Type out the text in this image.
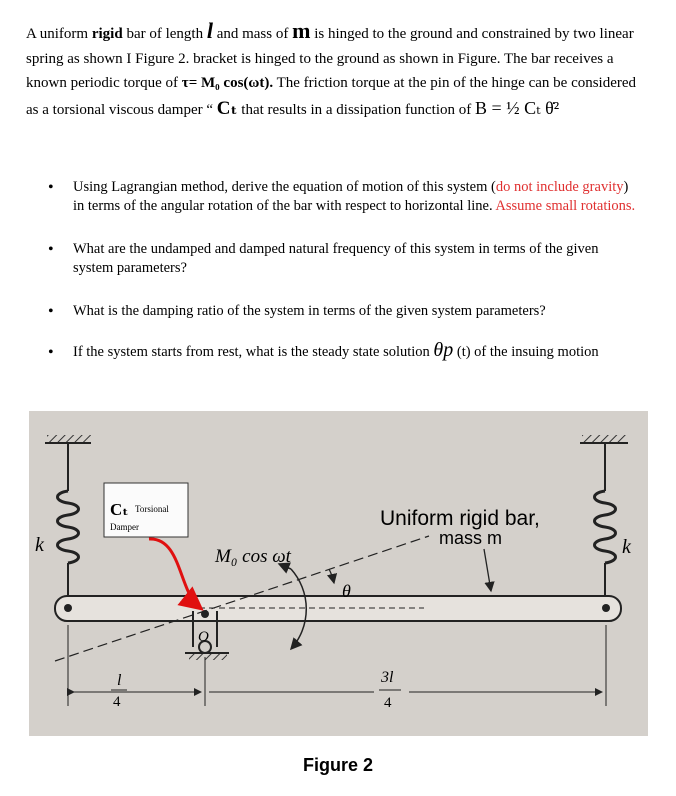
A uniform rigid bar of length l and mass of m is hinged to the ground and constrained by two linear spring as shown I Figure 2. bracket is hinged to the ground as shown in Figure. The bar receives a known periodic torque of τ= M₀ cos(ωt). The friction torque at the pin of the hinge can be considered as a torsional viscous damper “ Cₜ that results in a dissipation function of B = ½ Cₜ θ̇²
• Using Lagrangian method, derive the equation of motion of this system (do not include gravity) in terms of the angular rotation of the bar with respect to horizontal line. Assume small rotations.
• What are the undamped and damped natural frequency of this system in terms of the given system parameters?
• What is the damping ratio of the system in terms of the given system parameters?
• If the system starts from rest, what is the steady state solution θp (t) of the insuing motion
k	k
O
M₀ cos ωt
θ
Uniform rigid bar,
mass m
Cₜ Torsional
Damper
l
4
3l
4
Figure 2
